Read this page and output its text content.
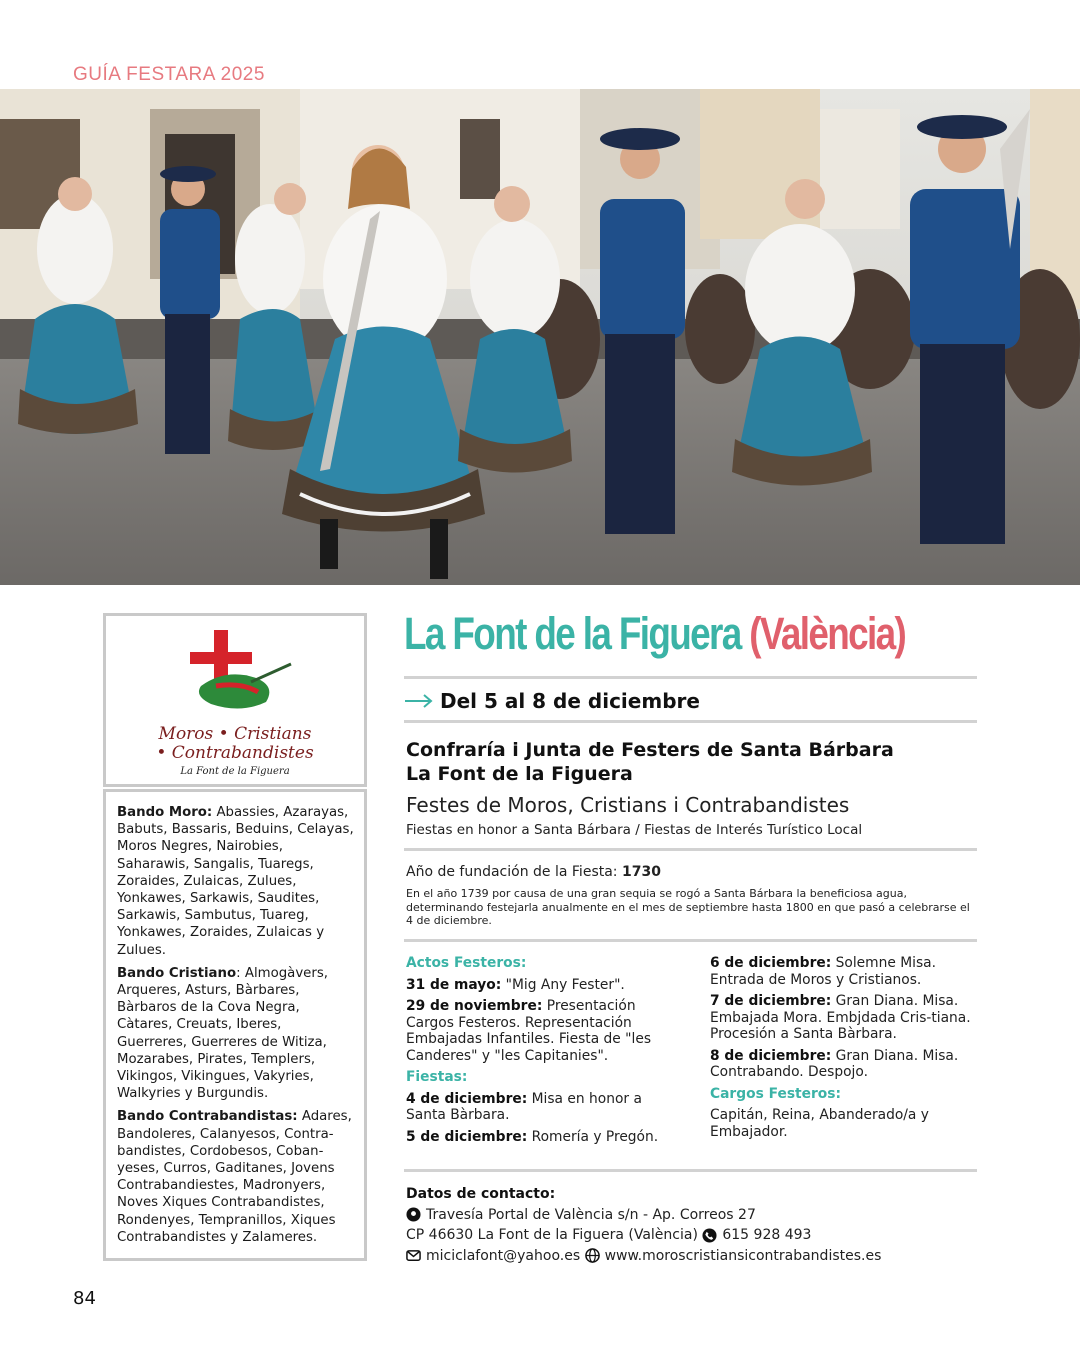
GUÍA FESTARA 2025
Moros • Cristians
• Contrabandistes
La Font de la Figuera

Bando Moro: Abassies, Azarayas, Babuts, Bassaris, Beduins, Celayas, Moros Negres, Nairobies, Saharawis, Sangalis, Tuaregs, Zoraides, Zulaicas, Zulues, Yonkawes, Sarkawis, Saudites, Sarkawis, Sambutus, Tuareg, Yonkawes, Zoraides, Zulaicas y Zulues.

Bando Cristiano: Almogàvers, Arqueres, Asturs, Bàrbares, Bàrbaros de la Cova Negra, Càtares, Creuats, Iberes, Guerreres, Guerreres de Witiza, Mozarabes, Pirates, Templers, Vikingos, Vikingues, Vakyries, Walkyries y Burgundis.

Bando Contrabandistas: Adares, Bandoleres, Calanyesos, Contra-bandistes, Cordobesos, Coban-yeses, Curros, Gaditanes, Jovens Contrabandiestes, Madronyers, Noves Xiques Contrabandistes, Rondenyes, Tempranillos, Xiques Contrabandistes y Zalameres.

La Font de la Figuera (València)
Del 5 al 8 de diciembre
Confraría i Junta de Festers de Santa Bárbara
La Font de la Figuera
Festes de Moros, Cristians i Contrabandistes
Fiestas en honor a Santa Bárbara / Fiestas de Interés Turístico Local
Año de fundación de la Fiesta: 1730
En el año 1739 por causa de una gran sequia se rogó a Santa Bárbara la beneficiosa agua, determinando festejarla anualmente en el mes de septiembre hasta 1800 en que pasó a celebrarse el 4 de diciembre.
Actos Festeros:

31 de mayo: "Mig Any Fester".

29 de noviembre: Presentación Cargos Festeros. Representación Embajadas Infantiles. Fiesta de "les Canderes" y "les Capitanies".

Fiestas:

4 de diciembre: Misa en honor a Santa Bàrbara.

5 de diciembre: Romería y Pregón.

6 de diciembre: Solemne Misa. Entrada de Moros y Cristianos.

7 de diciembre: Gran Diana. Misa. Embajada Mora. Embjdada Cris-tiana. Procesión a Santa Bàrbara.

8 de diciembre: Gran Diana. Misa. Contrabando. Despojo.

Cargos Festeros:

Capitán, Reina, Abanderado/a y Embajador.

Datos de contacto:
Travesía Portal de València s/n - Ap. Correos 27
CP 46630 La Font de la Figuera (València)
615 928 493
miciclafont@yahoo.es
www.moroscristiansicontrabandistes.es
84
